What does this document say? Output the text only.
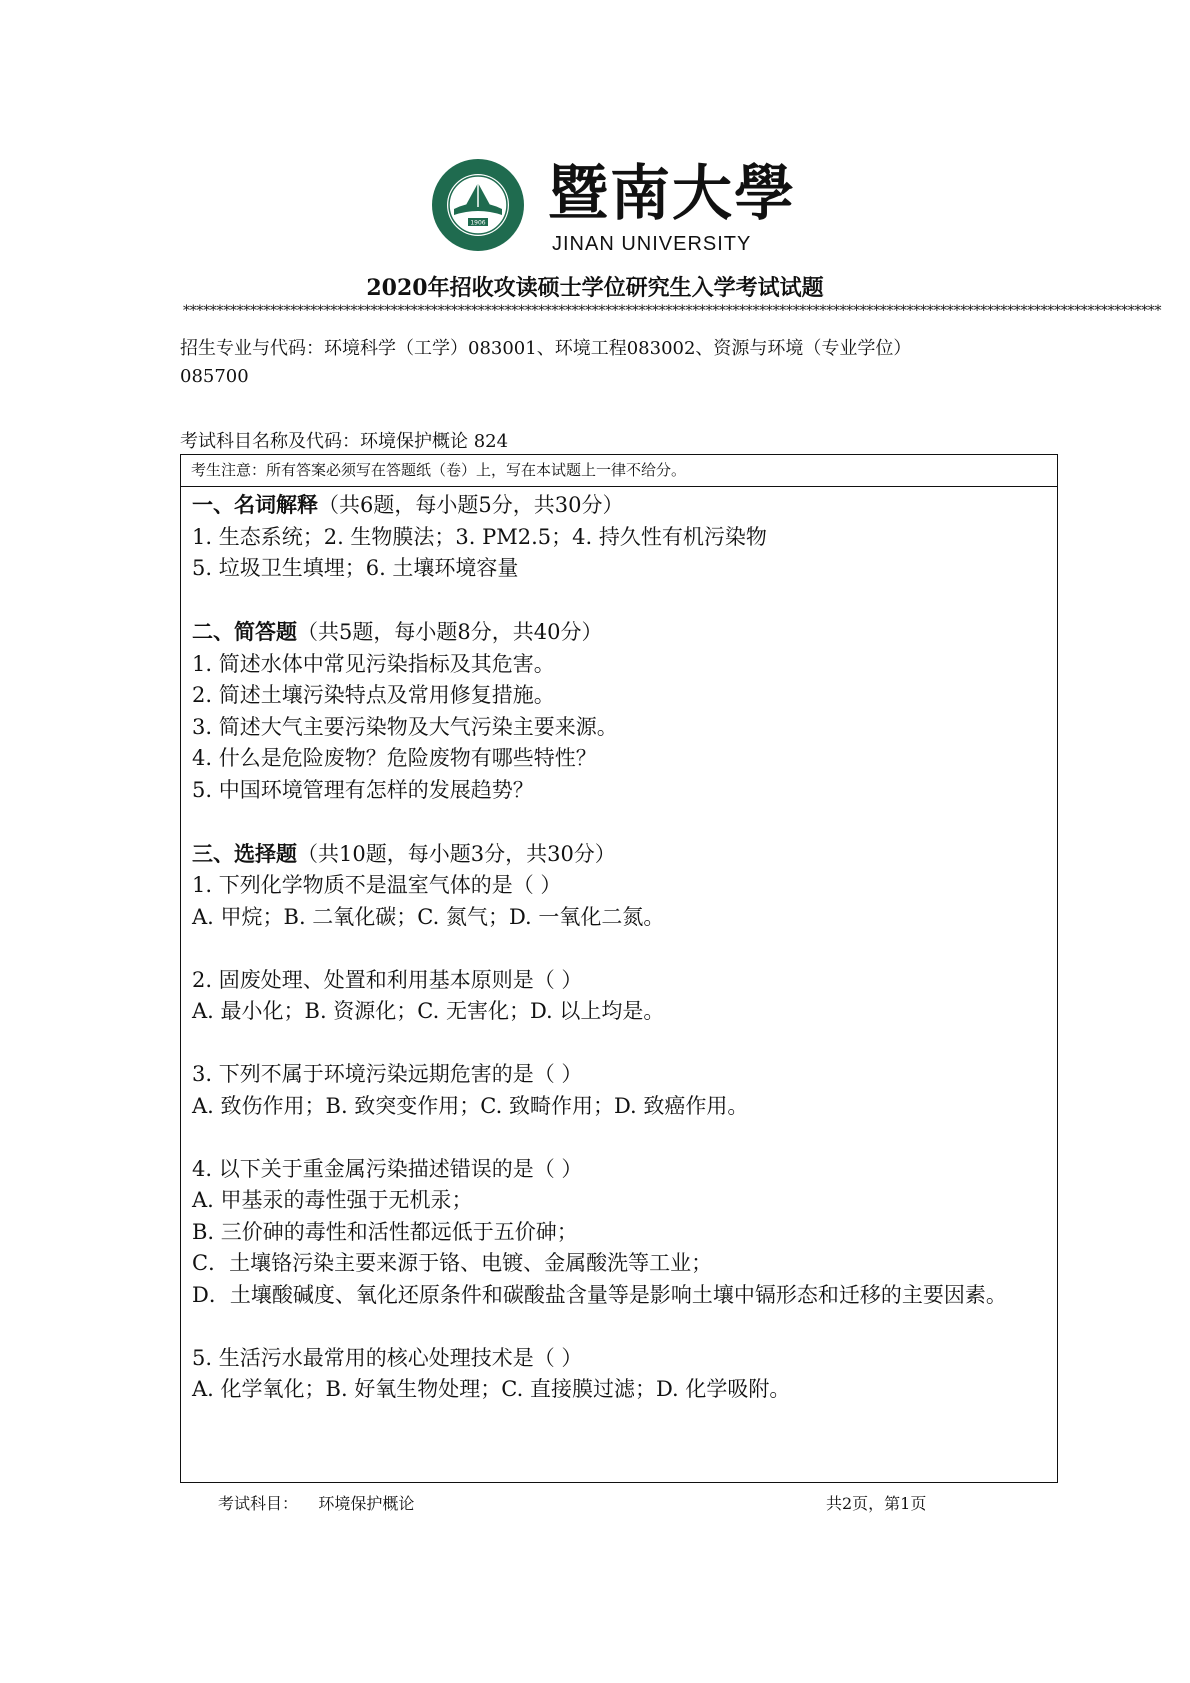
1906 暨南大學
JINAN UNIVERSITY
2020年招收攻读硕士学位研究生入学考试试题
**************************************************************************************************************************************************
招生专业与代码：环境科学（工学）083001、环境工程083002、资源与环境（专业学位）
085700
考试科目名称及代码：环境保护概论 824
考生注意：所有答案必须写在答题纸（卷）上，写在本试题上一律不给分。
一、名词解释（共6题，每小题5分，共30分）
1. 生态系统；2. 生物膜法；3. PM2.5；4. 持久性有机污染物
5. 垃圾卫生填埋；6. 土壤环境容量
二、简答题（共5题，每小题8分，共40分）
1. 简述水体中常见污染指标及其危害。
2. 简述土壤污染特点及常用修复措施。
3. 简述大气主要污染物及大气污染主要来源。
4. 什么是危险废物？危险废物有哪些特性？
5. 中国环境管理有怎样的发展趋势？
三、选择题（共10题，每小题3分，共30分）
1. 下列化学物质不是温室气体的是（ ）
A. 甲烷；B. 二氧化碳；C. 氮气；D. 一氧化二氮。
2. 固废处理、处置和利用基本原则是（ ）
A. 最小化；B. 资源化；C. 无害化；D. 以上均是。
3. 下列不属于环境污染远期危害的是（ ）
A. 致伤作用；B. 致突变作用；C. 致畸作用；D. 致癌作用。
4. 以下关于重金属污染描述错误的是（ ）
A. 甲基汞的毒性强于无机汞；
B. 三价砷的毒性和活性都远低于五价砷；
C．土壤铬污染主要来源于铬、电镀、金属酸洗等工业；
D．土壤酸碱度、氧化还原条件和碳酸盐含量等是影响土壤中镉形态和迁移的主要因素。
5. 生活污水最常用的核心处理技术是（ ）
A. 化学氧化；B. 好氧生物处理；C. 直接膜过滤；D. 化学吸附。
考试科目： 环境保护概论	共2页，第1页
